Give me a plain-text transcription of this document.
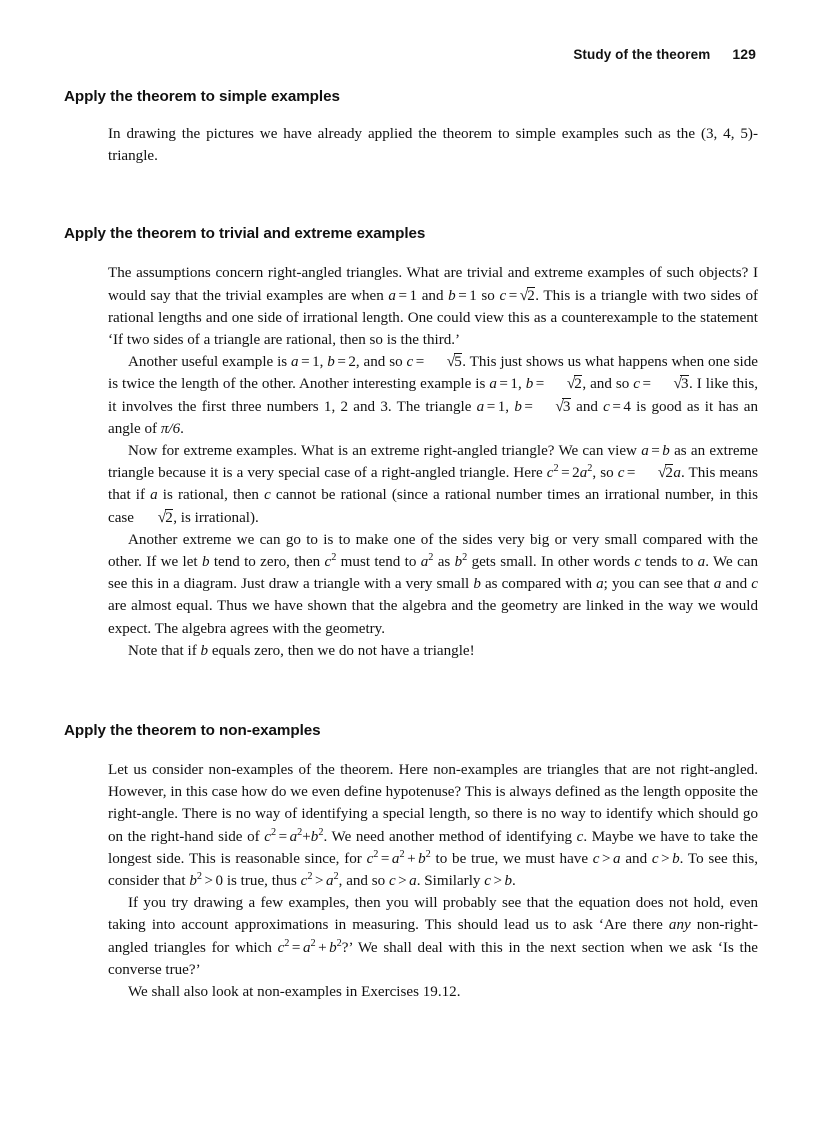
Study of the theorem 129
Apply the theorem to simple examples

In drawing the pictures we have already applied the theorem to simple examples such as the (3, 4, 5)-triangle.

Apply the theorem to trivial and extreme examples

The assumptions concern right-angled triangles. What are trivial and extreme examples of such objects? I would say that the trivial examples are when a = 1 and b = 1 so c = √2. This is a triangle with two sides of rational lengths and one side of irrational length. One could view this as a counterexample to the statement ‘If two sides of a triangle are rational, then so is the third.’

Another useful example is a = 1, b = 2, and so c = √5. This just shows us what happens when one side is twice the length of the other. Another interesting example is a = 1, b = √2, and so c = √3. I like this, it involves the first three numbers 1, 2 and 3. The triangle a = 1, b = √3 and c = 4 is good as it has an angle of π/6.

Now for extreme examples. What is an extreme right-angled triangle? We can view a = b as an extreme triangle because it is a very special case of a right-angled triangle. Here $c^2 = 2a^2$, so c = √2a. This means that if a is rational, then c cannot be rational (since a rational number times an irrational number, in this case √2, is irrational).

Another extreme we can go to is to make one of the sides very big or very small compared with the other. If we let b tend to zero, then $c^2$ must tend to $a^2$ as $b^2$ gets small. In other words c tends to a. We can see this in a diagram. Just draw a triangle with a very small b as compared with a; you can see that a and c are almost equal. Thus we have shown that the algebra and the geometry are linked in the way we would expect. The algebra agrees with the geometry.

Note that if b equals zero, then we do not have a triangle!

Apply the theorem to non-examples

Let us consider non-examples of the theorem. Here non-examples are triangles that are not right-angled. However, in this case how do we even define hypotenuse? This is always defined as the length opposite the right-angle. There is no way of identifying a special length, so there is no way to identify which should go on the right-hand side of $c^2 = a^2+b^2$. We need another method of identifying c. Maybe we have to take the longest side. This is reasonable since, for $c^2 = a^2 + b^2$ to be true, we must have c > a and c > b. To see this, consider that $b^2 > 0$ is true, thus $c^2 > a^2$, and so c > a. Similarly c > b.

If you try drawing a few examples, then you will probably see that the equation does not hold, even taking into account approximations in measuring. This should lead us to ask ‘Are there any non-right-angled triangles for which $c^2 = a^2 + b^2$?’ We shall deal with this in the next section when we ask ‘Is the converse true?’

We shall also look at non-examples in Exercises 19.12.
